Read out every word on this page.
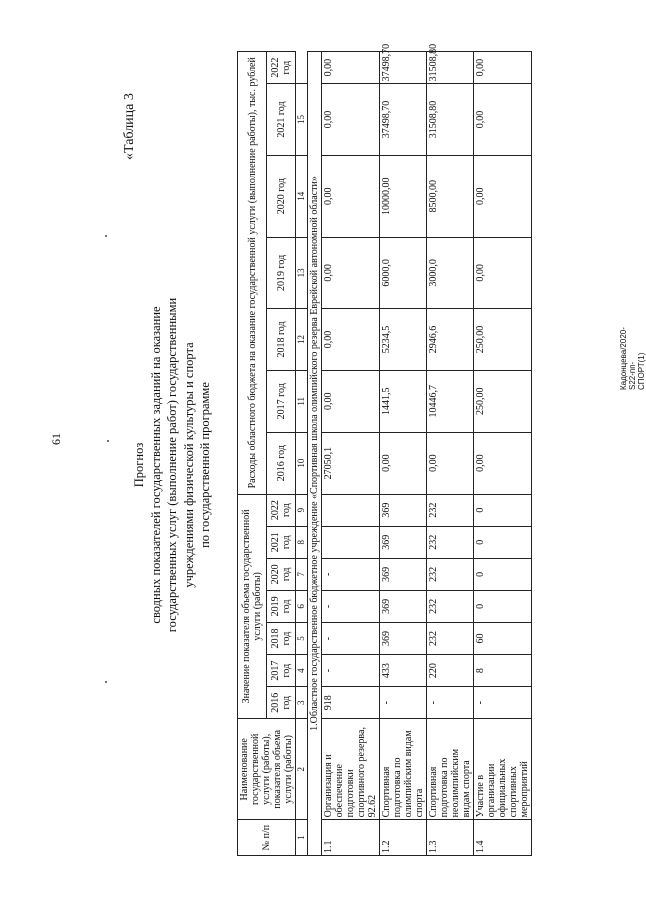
61
Прогноз сводных показателей государственных заданий на оказание государственных услуг (выполнение работ) государственными учреждениями физической культуры и спорта по государственной программе
«Таблица 3
Кадонцева/2020-S22-пп-СПОРТ(1)
№ п/п	Наименование государственной услуги (работы), показателя объема услуги (работы)	Значение показателя объема государственной услуги (работы)							Расходы областного бюджета на оказание государственной услуги (выполнение работы), тыс. рублей						
		2016 год	2017 год	2018 год	2019 год	2020 год	2021 год	2022 год	2016 год	2017 год	2018 год	2019 год	2020 год	2021 год	2022 год
1	2	3	4	5	6	7	8	9	10	11	12	13	14	15	
1.Областное государственное бюджетное учреждение «Спортивная школа олимпийского резерва Еврейской автономной области»															
1.1	Организация и обеспечение подготовки спортивного резерва, 92.62	918	-	-	-	-			27050,1	0,00	0,00	0,00	0,00	0,00	0,00
1.2	Спортивная подготовка по олимпийским видам спорта	-	433	369	369	369	369	369	0,00	1441,5	5234,5	6000,0	10000,00	37498,70	37498,70
1.3	Спортивная подготовка по неолимпийским видам спорта	-	220	232	232	232	232	232	0,00	10446,7	2946,6	3000,0	8500,00	31508,80	31508,80
1.4	Участие в организации официальных спортивных мероприятий	-	8	60	0	0	0	0	0,00	250,00	250,00	0,00	0,00	0,00	0,00
